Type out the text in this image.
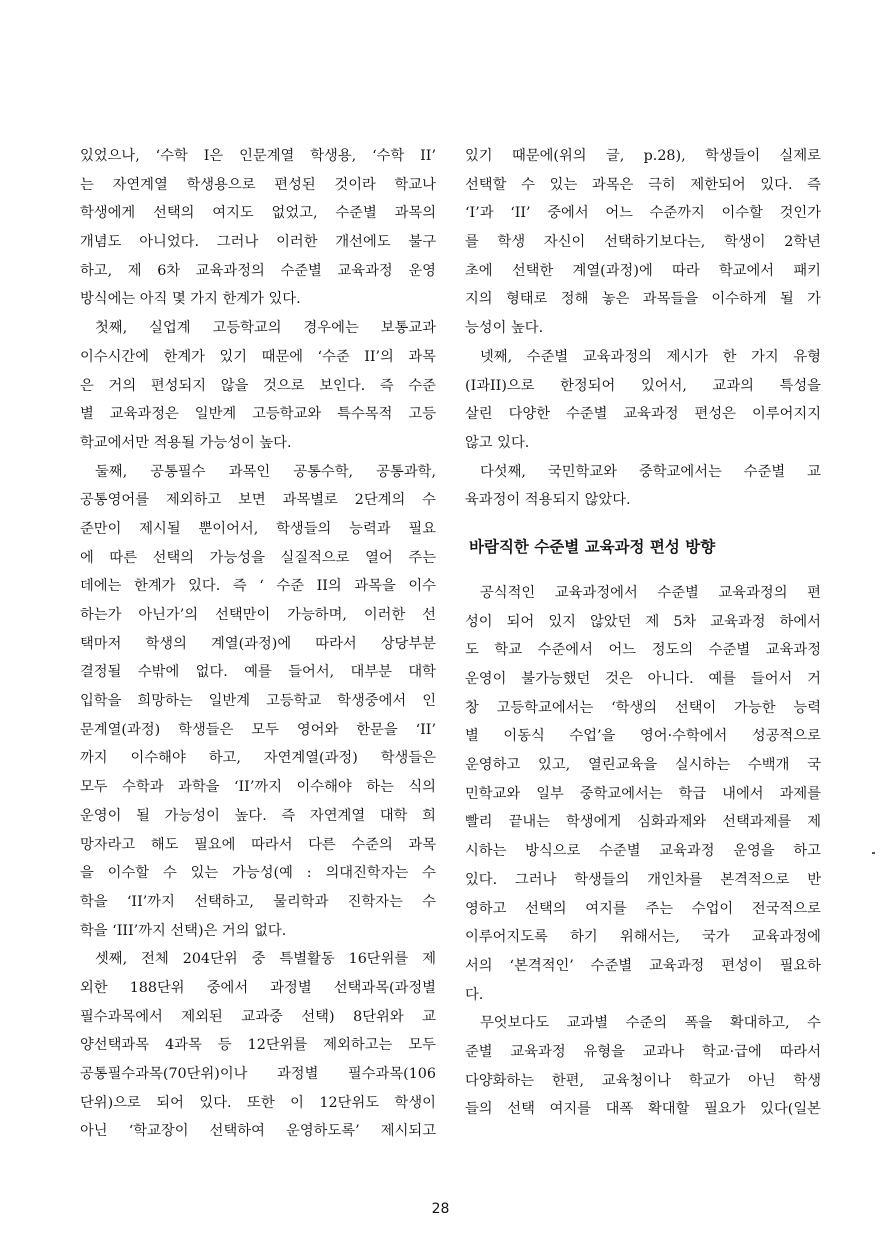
있었으나, ‘수학 I은 인문계열 학생용, ‘수학 II’
는 자연계열 학생용으로 편성된 것이라 학교나
학생에게 선택의 여지도 없었고, 수준별 과목의
개념도 아니었다. 그러나 이러한 개선에도 불구
하고, 제 6차 교육과정의 수준별 교육과정 운영
방식에는 아직 몇 가지 한계가 있다.
첫째, 실업계 고등학교의 경우에는 보통교과
이수시간에 한계가 있기 때문에 ‘수준 II’의 과목
은 거의 편성되지 않을 것으로 보인다. 즉 수준
별 교육과정은 일반계 고등학교와 특수목적 고등
학교에서만 적용될 가능성이 높다.
둘째, 공통필수 과목인 공통수학, 공통과학,
공통영어를 제외하고 보면 과목별로 2단계의 수
준만이 제시될 뿐이어서, 학생들의 능력과 필요
에 따른 선택의 가능성을 실질적으로 열어 주는
데에는 한계가 있다. 즉 ‘ 수준 II의 과목을 이수
하는가 아닌가’의 선택만이 가능하며, 이러한 선
택마저 학생의 계열(과정)에 따라서 상당부분
결정될 수밖에 없다. 예를 들어서, 대부분 대학
입학을 희망하는 일반계 고등학교 학생중에서 인
문계열(과정) 학생들은 모두 영어와 한문을 ‘II’
까지 이수해야 하고, 자연계열(과정) 학생들은
모두 수학과 과학을 ‘II’까지 이수해야 하는 식의
운영이 될 가능성이 높다. 즉 자연계열 대학 희
망자라고 해도 필요에 따라서 다른 수준의 과목
을 이수할 수 있는 가능성(예 : 의대진학자는 수
학을 ‘II’까지 선택하고, 물리학과 진학자는 수
학을 ‘III’까지 선택)은 거의 없다.
셋째, 전체 204단위 중 특별활동 16단위를 제
외한 188단위 중에서 과정별 선택과목(과정별
필수과목에서 제외된 교과중 선택) 8단위와 교
양선택과목 4과목 등 12단위를 제외하고는 모두
공통필수과목(70단위)이나 과정별 필수과목(106
단위)으로 되어 있다. 또한 이 12단위도 학생이
아닌 ‘학교장이 선택하여 운영하도록’ 제시되고
있기 때문에(위의 글, p.28), 학생들이 실제로
선택할 수 있는 과목은 극히 제한되어 있다. 즉
‘I’과 ‘II’ 중에서 어느 수준까지 이수할 것인가
를 학생 자신이 선택하기보다는, 학생이 2학년
초에 선택한 계열(과정)에 따라 학교에서 패키
지의 형태로 정해 놓은 과목들을 이수하게 될 가
능성이 높다.
넷째, 수준별 교육과정의 제시가 한 가지 유형
(I과II)으로 한정되어 있어서, 교과의 특성을
살린 다양한 수준별 교육과정 편성은 이루어지지
않고 있다.
다섯째, 국민학교와 중학교에서는 수준별 교
육과정이 적용되지 않았다.
바람직한 수준별 교육과정 편성 방향
공식적인 교육과정에서 수준별 교육과정의 편
성이 되어 있지 않았던 제 5차 교육과정 하에서
도 학교 수준에서 어느 정도의 수준별 교육과정
운영이 불가능했던 것은 아니다. 예를 들어서 거
창 고등학교에서는 ‘학생의 선택이 가능한 능력
별 이동식 수업’을 영어·수학에서 성공적으로
운영하고 있고, 열린교육을 실시하는 수백개 국
민학교와 일부 중학교에서는 학급 내에서 과제를
빨리 끝내는 학생에게 심화과제와 선택과제를 제
시하는 방식으로 수준별 교육과정 운영을 하고
있다. 그러나 학생들의 개인차를 본격적으로 반
영하고 선택의 여지를 주는 수업이 전국적으로
이루어지도록 하기 위해서는, 국가 교육과정에
서의 ‘본격적인’ 수준별 교육과정 편성이 필요하
다.
무엇보다도 교과별 수준의 폭을 확대하고, 수
준별 교육과정 유형을 교과나 학교·급에 따라서
다양화하는 한편, 교육청이나 학교가 아닌 학생
들의 선택 여지를 대폭 확대할 필요가 있다(일본
28
